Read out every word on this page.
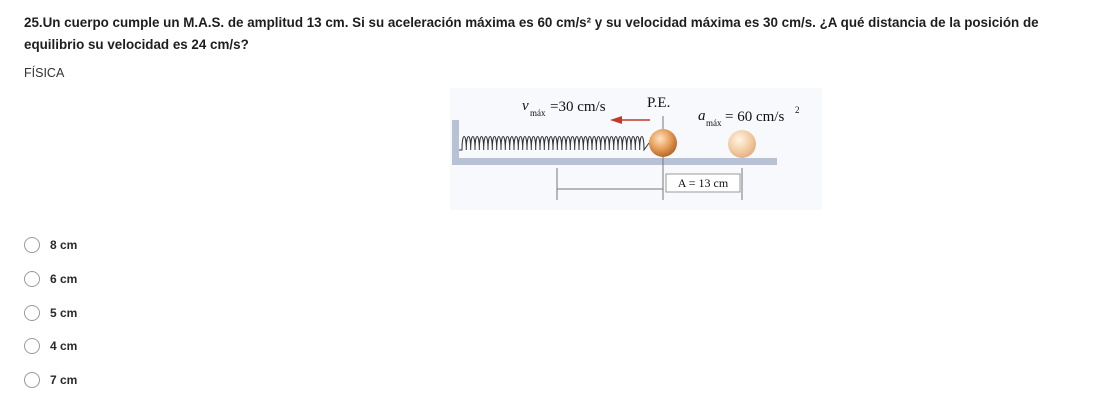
25.Un cuerpo cumple un M.A.S. de amplitud 13 cm. Si su aceleración máxima es 60 cm/s² y su velocidad máxima es 30 cm/s. ¿A qué distancia de la posición de equilibrio su velocidad es 24 cm/s?
FÍSICA
A = 13 cm
v máx =30 cm/s	P.E.
a máx = 60 cm/s 2
8 cm
6 cm
5 cm
4 cm
7 cm
